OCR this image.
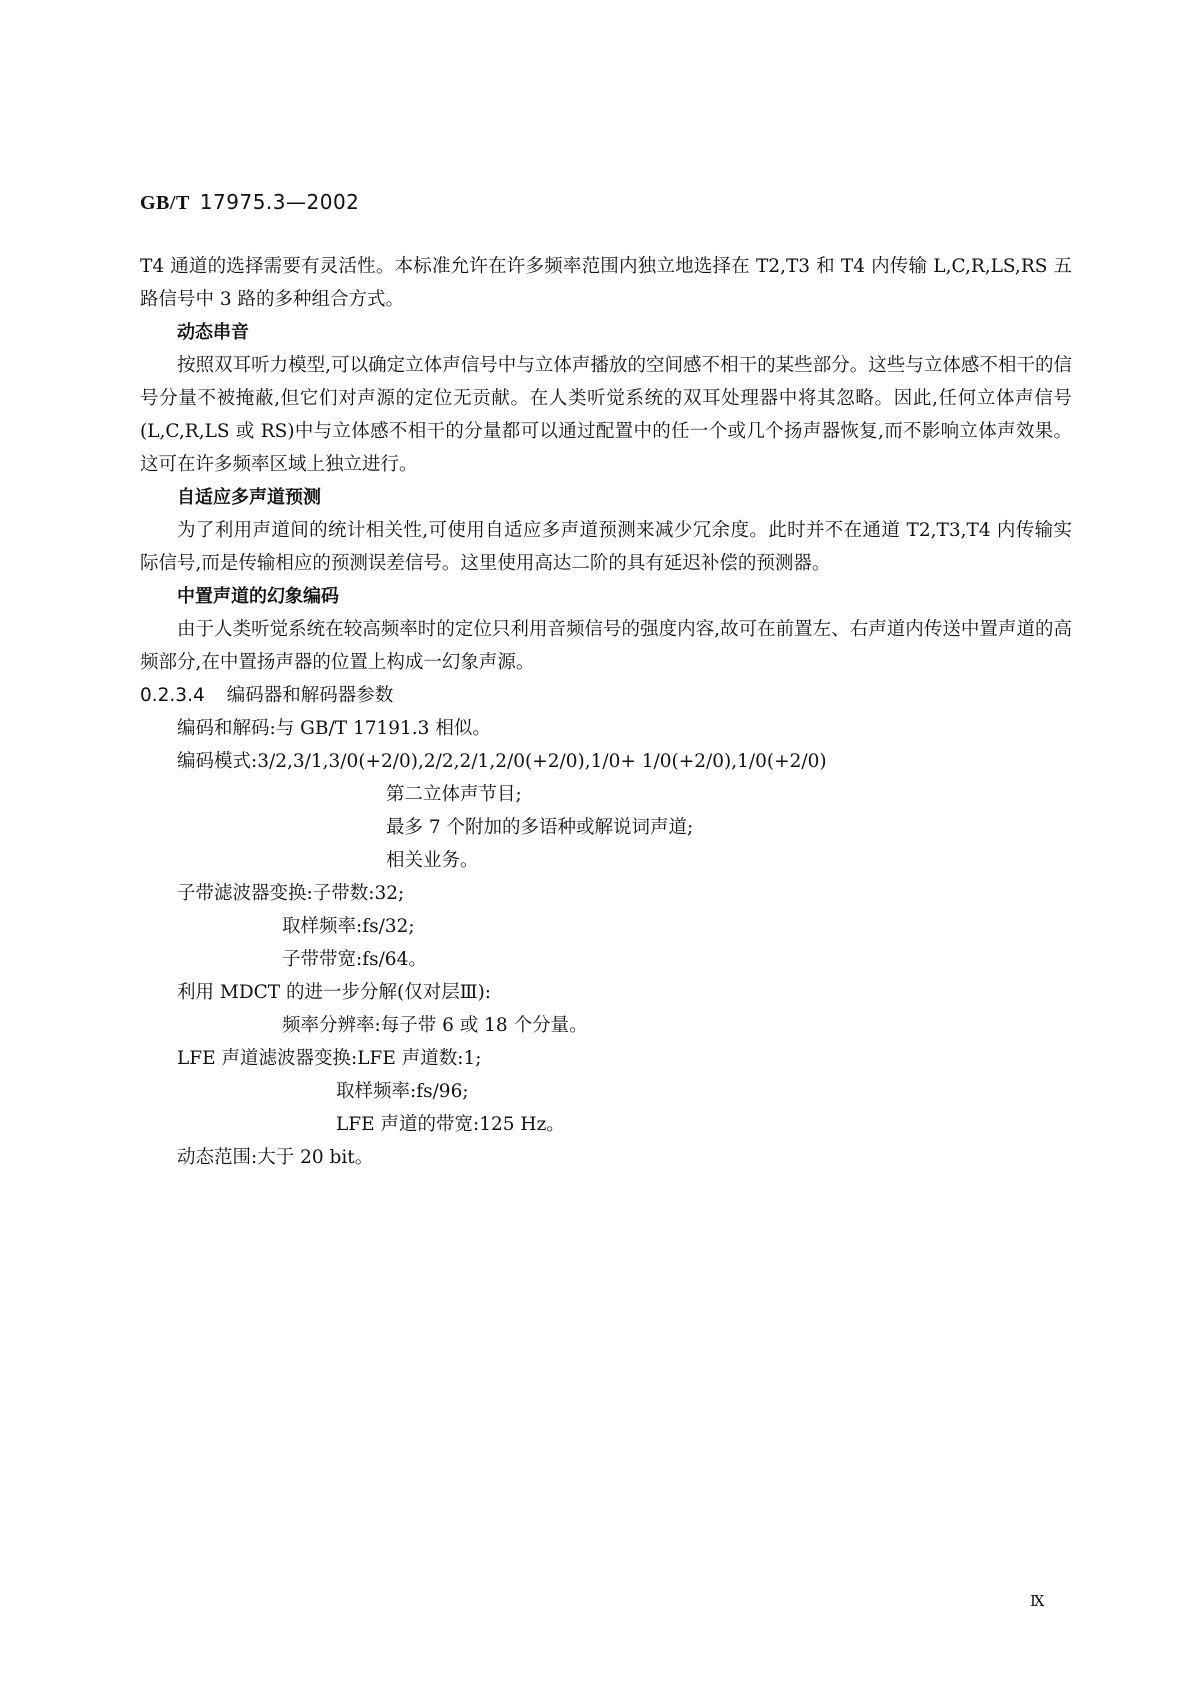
GB/T 17975.3—2002

T4 通道的选择需要有灵活性。本标准允许在许多频率范围内独立地选择在 T2,T3 和 T4 内传输 L,C,R,LS,RS 五路信号中 3 路的多种组合方式。

动态串音

按照双耳听力模型,可以确定立体声信号中与立体声播放的空间感不相干的某些部分。这些与立体感不相干的信号分量不被掩蔽,但它们对声源的定位无贡献。在人类听觉系统的双耳处理器中将其忽略。因此,任何立体声信号(L,C,R,LS 或 RS)中与立体感不相干的分量都可以通过配置中的任一个或几个扬声器恢复,而不影响立体声效果。这可在许多频率区域上独立进行。

自适应多声道预测

为了利用声道间的统计相关性,可使用自适应多声道预测来减少冗余度。此时并不在通道 T2,T3,T4 内传输实际信号,而是传输相应的预测误差信号。这里使用高达二阶的具有延迟补偿的预测器。

中置声道的幻象编码

由于人类听觉系统在较高频率时的定位只利用音频信号的强度内容,故可在前置左、右声道内传送中置声道的高频部分,在中置扬声器的位置上构成一幻象声源。

0.2.3.4 编码器和解码器参数

编码和解码:与 GB/T 17191.3 相似。

编码模式:3/2,3/1,3/0(+2/0),2/2,2/1,2/0(+2/0),1/0+ 1/0(+2/0),1/0(+2/0)

第二立体声节目;

最多 7 个附加的多语种或解说词声道;

相关业务。

子带滤波器变换:子带数:32;

取样频率:fs/32;

子带带宽:fs/64。

利用 MDCT 的进一步分解(仅对层Ⅲ):

频率分辨率:每子带 6 或 18 个分量。

LFE 声道滤波器变换:LFE 声道数:1;

取样频率:fs/96;

LFE 声道的带宽:125 Hz。

动态范围:大于 20 bit。

Ⅸ
